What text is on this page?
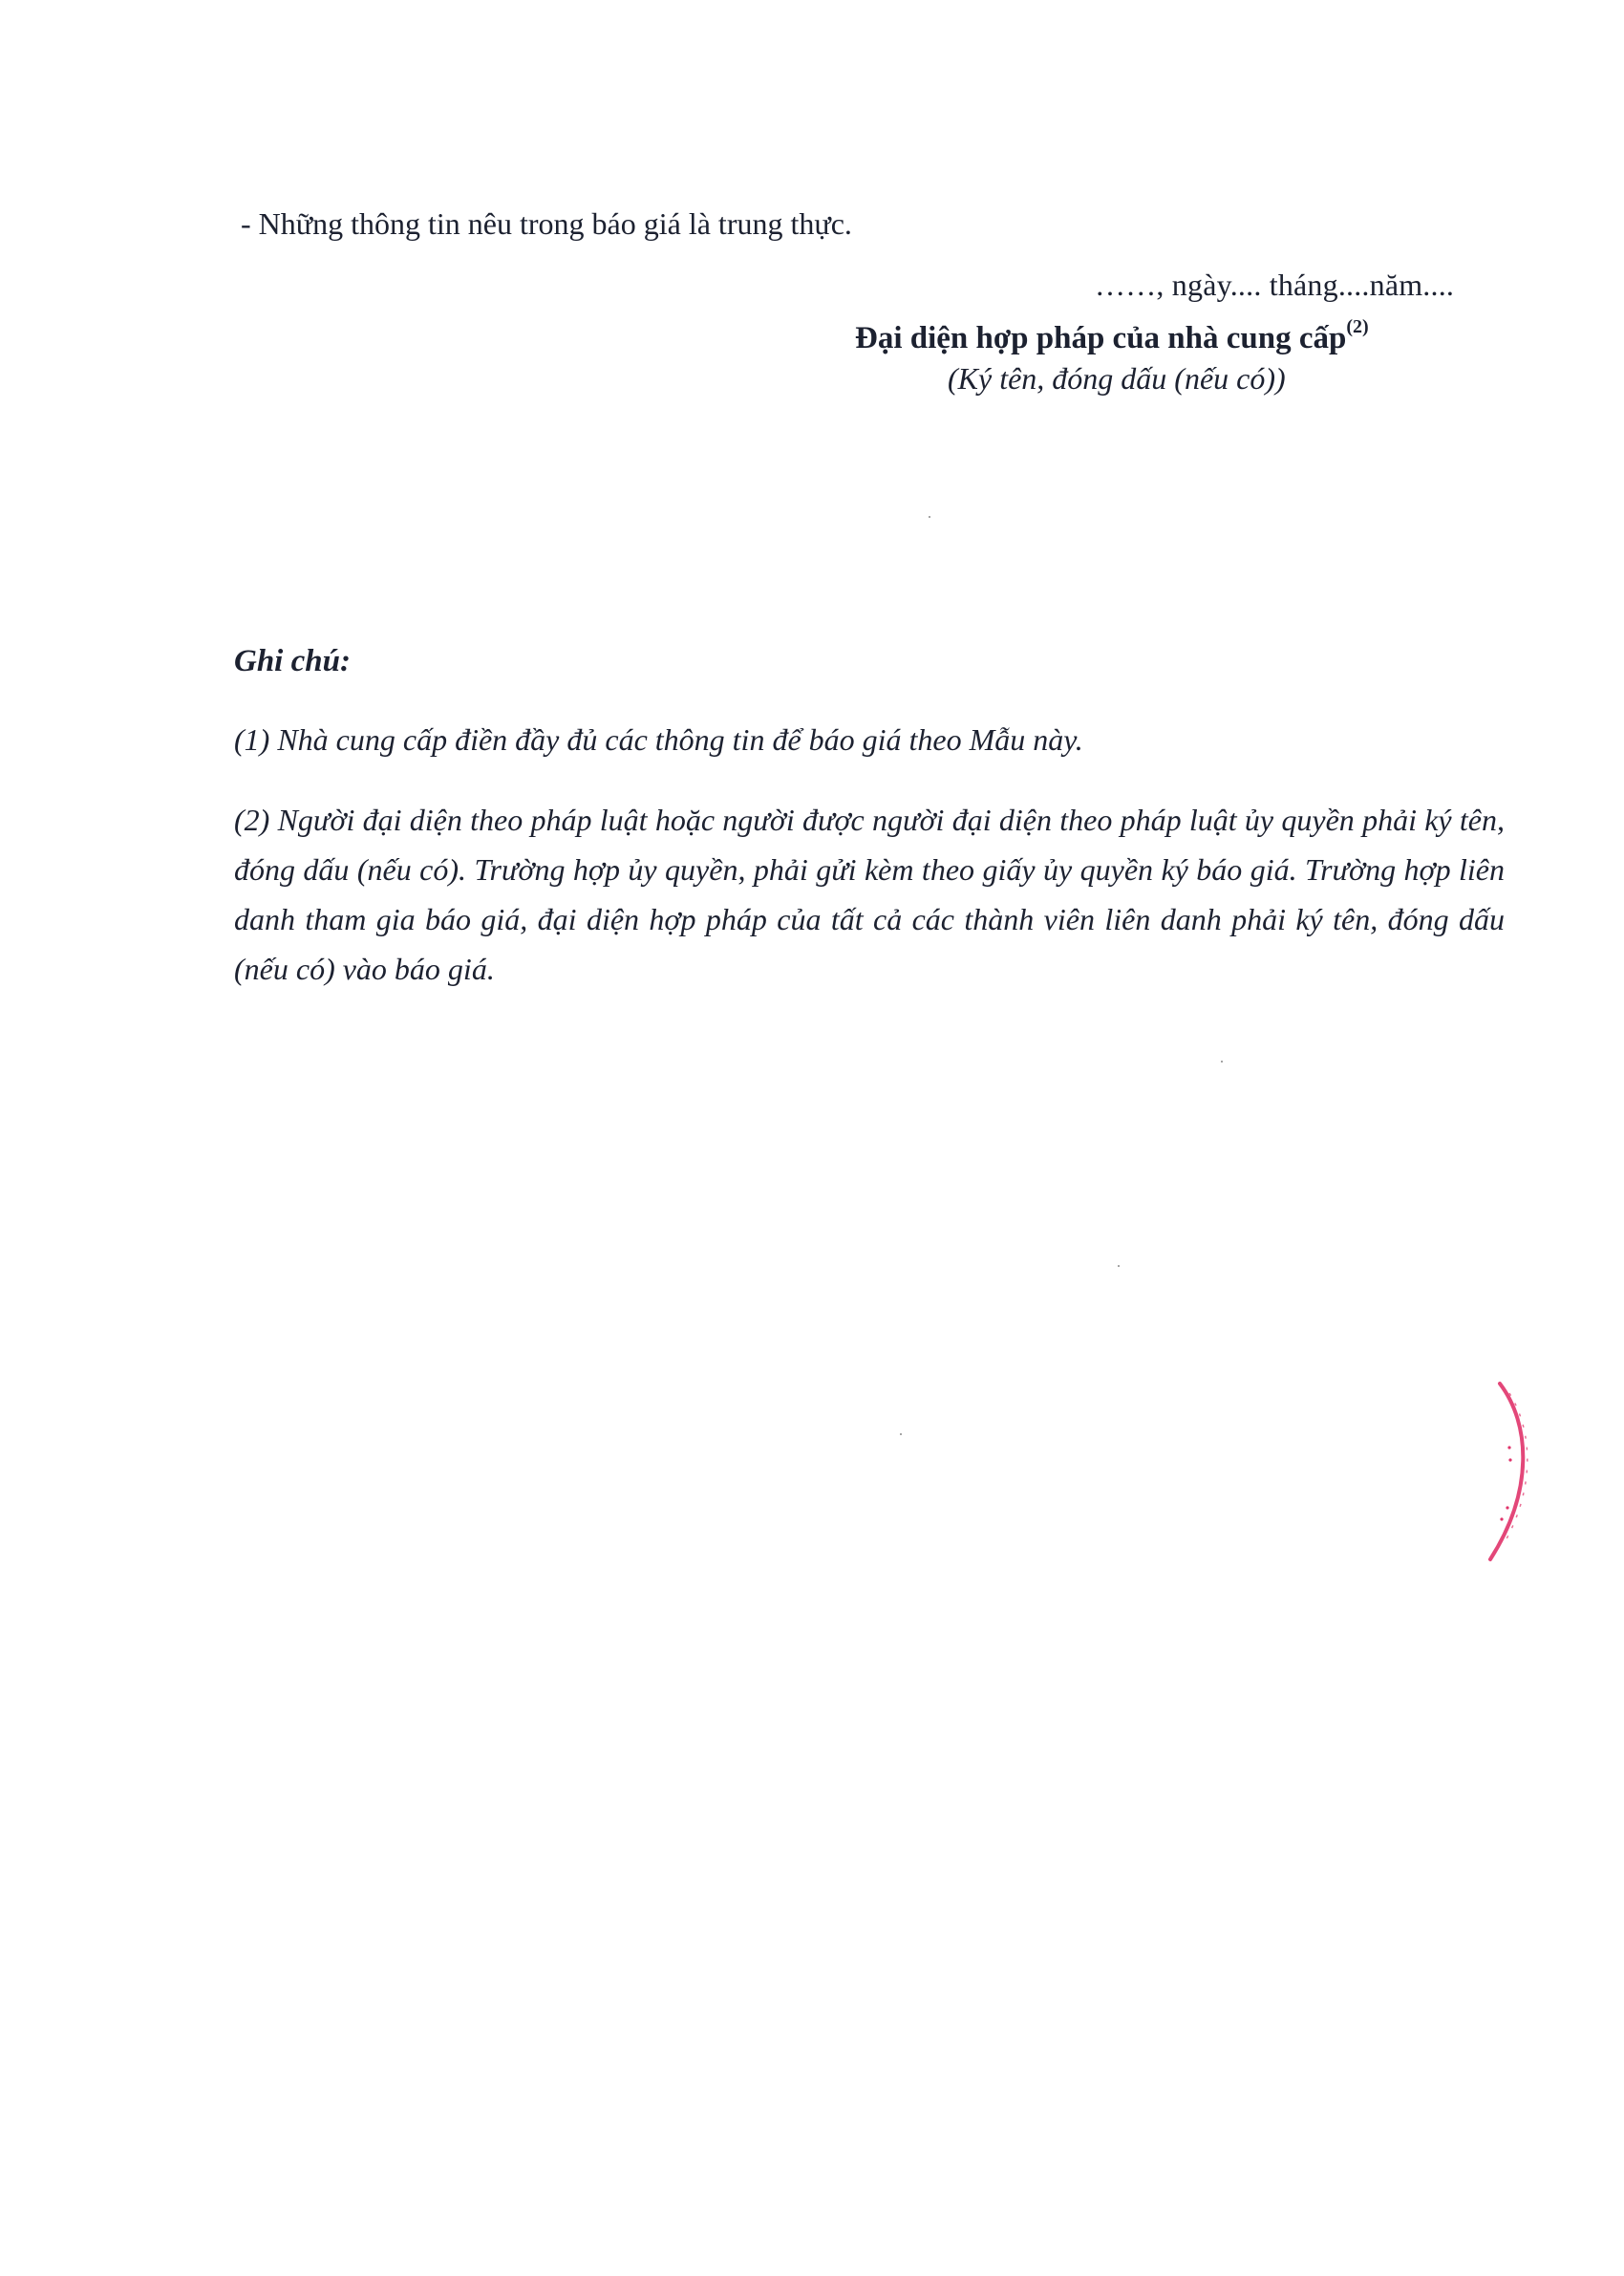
- Những thông tin nêu trong báo giá là trung thực.
……, ngày.... tháng....năm....
Đại diện hợp pháp của nhà cung cấp$^{(2)}$
(Ký tên, đóng dấu (nếu có))
Ghi chú:
(1) Nhà cung cấp điền đầy đủ các thông tin để báo giá theo Mẫu này.
(2) Người đại diện theo pháp luật hoặc người được người đại diện theo pháp luật ủy quyền phải ký tên, đóng dấu (nếu có). Trường hợp ủy quyền, phải gửi kèm theo giấy ủy quyền ký báo giá. Trường hợp liên danh tham gia báo giá, đại diện hợp pháp của tất cả các thành viên liên danh phải ký tên, đóng dấu (nếu có) vào báo giá.
